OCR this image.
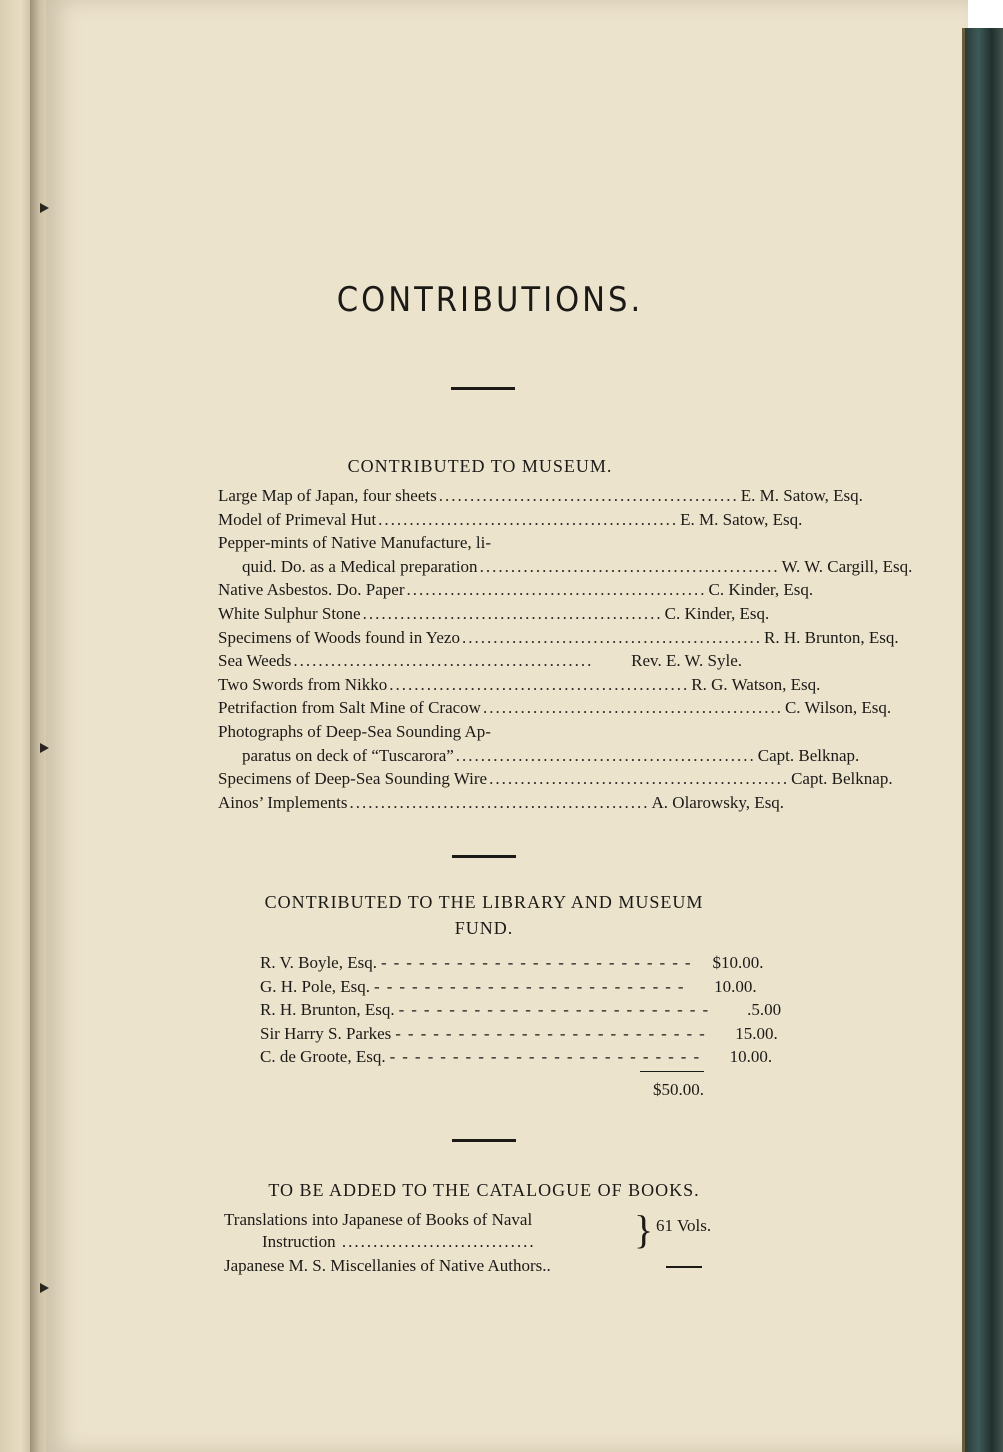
CONTRIBUTIONS.
CONTRIBUTED TO MUSEUM.
Large Map of Japan, four sheets ................................................ E. M. Satow, Esq.
Model of Primeval Hut ................................................ E. M. Satow, Esq.
Pepper-mints of Native Manufacture, li-
quid. Do. as a Medical preparation ................................................ W. W. Cargill, Esq.
Native Asbestos. Do. Paper ................................................ C. Kinder, Esq.
White Sulphur Stone ................................................ C. Kinder, Esq.
Specimens of Woods found in Yezo ................................................ R. H. Brunton, Esq.
Sea Weeds ................................................	Rev. E. W. Syle.
Two Swords from Nikko ................................................ R. G. Watson, Esq.
Petrifaction from Salt Mine of Cracow ................................................ C. Wilson, Esq.
Photographs of Deep-Sea Sounding Ap-
paratus on deck of “Tuscarora” ................................................ Capt. Belknap.
Specimens of Deep-Sea Sounding Wire ................................................ Capt. Belknap.
Ainos’ Implements ................................................ A. Olarowsky, Esq.
CONTRIBUTED TO THE LIBRARY AND MUSEUM
FUND.
R. V. Boyle, Esq. ------------------------- $10.00.
G. H. Pole, Esq. -------------------------	10.00.
R. H. Brunton, Esq. -------------------------	.5.00
Sir Harry S. Parkes -------------------------	15.00.
C. de Groote, Esq. -------------------------	10.00.
$50.00.
TO BE ADDED TO THE CATALOGUE OF BOOKS.
Translations into Japanese of Books of Naval
Instruction ............................... } 61 Vols.
Japanese M. S. Miscellanies of Native Authors..
